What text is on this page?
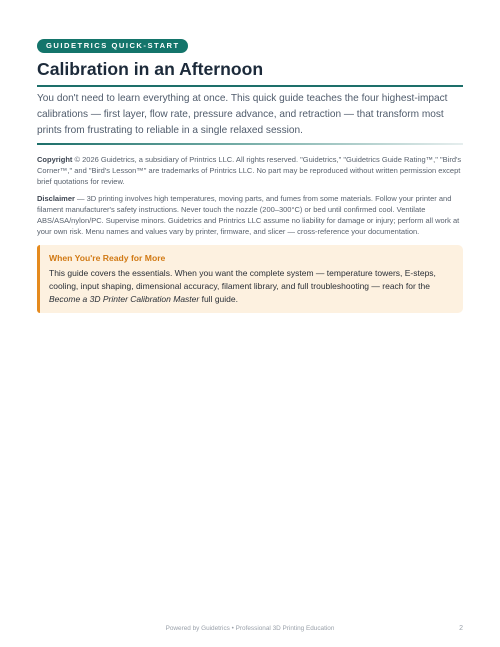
GUIDETRICS QUICK-START
Calibration in an Afternoon

You don't need to learn everything at once. This quick guide teaches the four highest-impact calibrations — first layer, flow rate, pressure advance, and retraction — that transform most prints from frustrating to reliable in a single relaxed session.

Copyright © 2026 Guidetrics, a subsidiary of Printrics LLC. All rights reserved. "Guidetrics," "Guidetrics Guide Rating™," "Bird's Corner™," and "Bird's Lesson™" are trademarks of Printrics LLC. No part may be reproduced without written permission except brief quotations for review.

Disclaimer — 3D printing involves high temperatures, moving parts, and fumes from some materials. Follow your printer and filament manufacturer's safety instructions. Never touch the nozzle (200–300°C) or bed until confirmed cool. Ventilate ABS/ASA/nylon/PC. Supervise minors. Guidetrics and Printrics LLC assume no liability for damage or injury; perform all work at your own risk. Menu names and values vary by printer, firmware, and slicer — cross-reference your documentation.

When You're Ready for More

This guide covers the essentials. When you want the complete system — temperature towers, E-steps, cooling, input shaping, dimensional accuracy, filament library, and full troubleshooting — reach for the Become a 3D Printer Calibration Master full guide.

Powered by Guidetrics • Professional 3D Printing Education	2
